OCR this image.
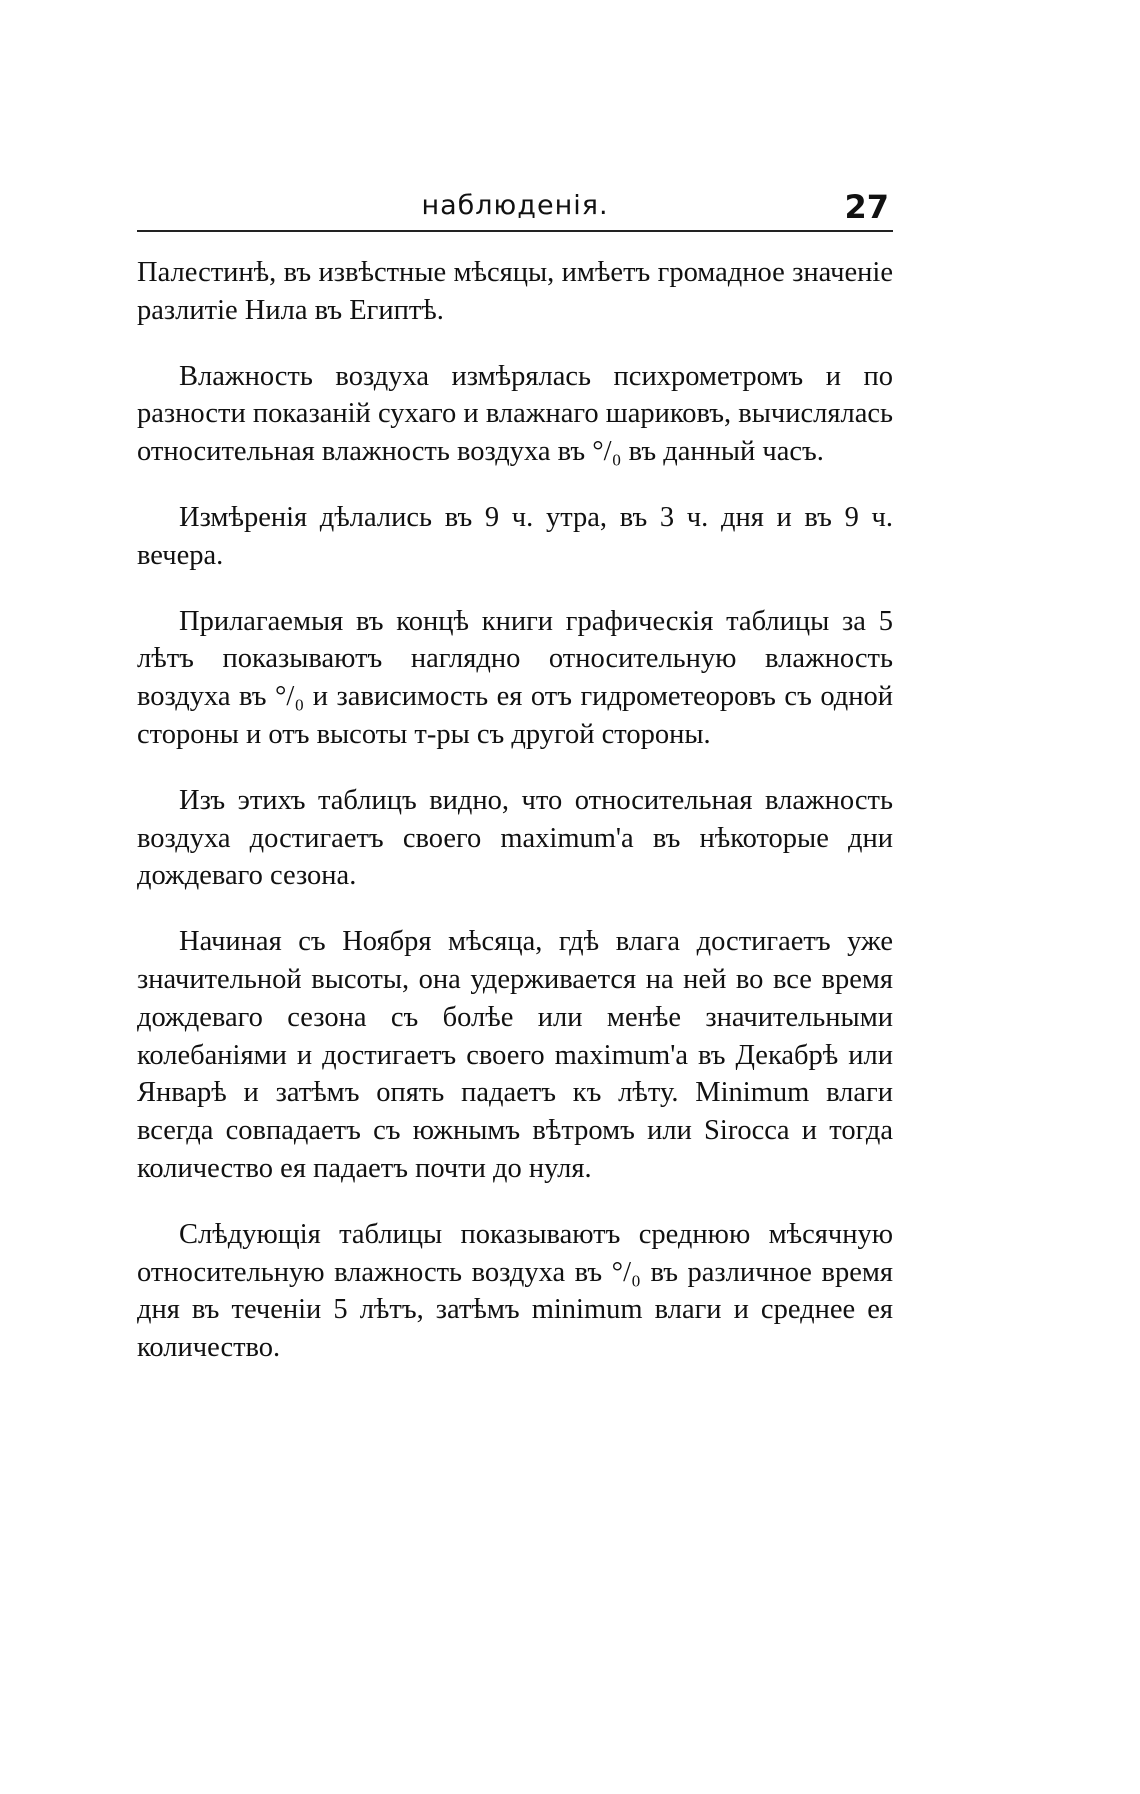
наблюденія.	27

Палестинѣ, въ извѣстные мѣсяцы, имѣетъ громадное значеніе разлитіе Нила въ Египтѣ.

Влажность воздуха измѣрялась психрометромъ и по разности показаній сухаго и влажнаго шариковъ, вычислялась относительная влажность воздуха въ °/₀ въ данный часъ.

Измѣренія дѣлались въ 9 ч. утра, въ 3 ч. дня и въ 9 ч. вечера.

Прилагаемыя въ концѣ книги графическія таблицы за 5 лѣтъ показываютъ наглядно относительную влажность воздуха въ °/₀ и зависимость ея отъ гидрометеоровъ съ одной стороны и отъ высоты т-ры съ другой стороны.

Изъ этихъ таблицъ видно, что относительная влажность воздуха достигаетъ своего maximum'а въ нѣкоторые дни дождеваго сезона.

Начиная съ Ноября мѣсяца, гдѣ влага достигаетъ уже значительной высоты, она удерживается на ней во все время дождеваго сезона съ болѣе или менѣе значительными колебаніями и достигаетъ своего maximum'а въ Декабрѣ или Январѣ и затѣмъ опять падаетъ къ лѣту. Minimum влаги всегда совпадаетъ съ южнымъ вѣтромъ или Sirocca и тогда количество ея падаетъ почти до нуля.

Слѣдующія таблицы показываютъ среднюю мѣсячную относительную влажность воздуха въ °/₀ въ различное время дня въ теченіи 5 лѣтъ, затѣмъ minimum влаги и среднее ея количество.
